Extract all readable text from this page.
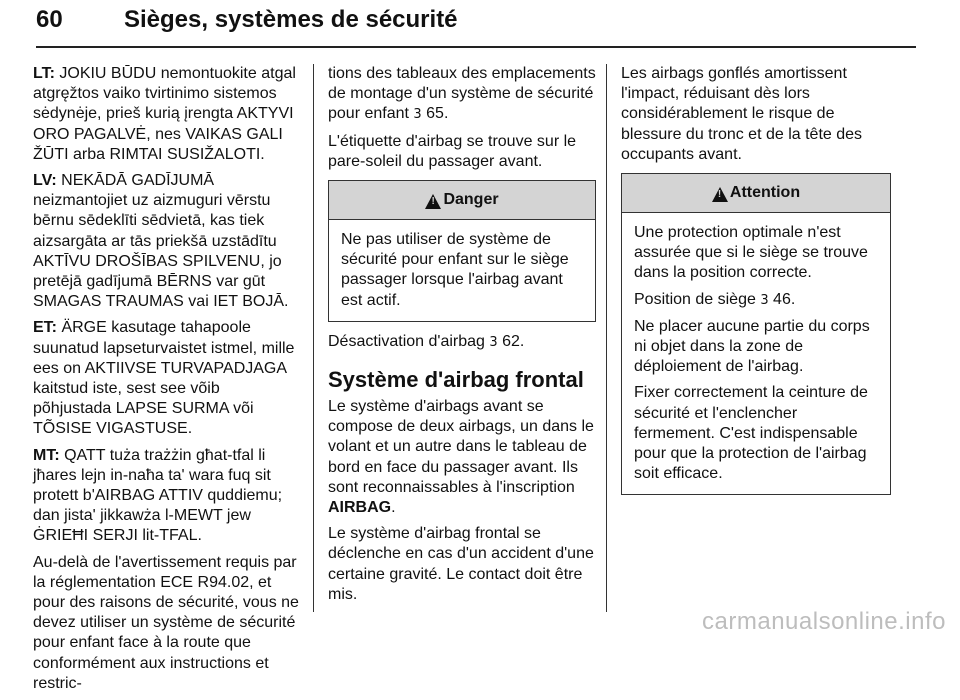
60	Sièges, systèmes de sécurité

LT: JOKIU BŪDU nemontuokite atgal atgręžtos vaiko tvirtinimo sistemos sėdynėje, prieš kurią įrengta AKTYVI ORO PAGALVĖ, nes VAIKAS GALI ŽŪTI arba RIMTAI SUSIŽALOTI.

LV: NEKĀDĀ GADĪJUMĀ neizmantojiet uz aizmuguri vērstu bērnu sēdeklīti sēdvietā, kas tiek aizsargāta ar tās priekšā uzstādītu AKTĪVU DROŠĪBAS SPILVENU, jo pretējā gadījumā BĒRNS var gūt SMAGAS TRAUMAS vai IET BOJĀ.

ET: ÄRGE kasutage tahapoole suunatud lapseturvaistet istmel, mille ees on AKTIIVSE TURVAPADJAGA kaitstud iste, sest see võib põhjustada LAPSE SURMA või TÕSISE VIGASTUSE.

MT: QATT tuża trażżin għat-tfal li jħares lejn in-naħa ta' wara fuq sit protett b'AIRBAG ATTIV quddiemu; dan jista' jikkawża l-MEWT jew ĠRIEĦI SERJI lit-TFAL.

Au-delà de l'avertissement requis par la réglementation ECE R94.02, et pour des raisons de sécurité, vous ne devez utiliser un système de sécurité pour enfant face à la route que conformément aux instructions et restric-

tions des tableaux des emplacements de montage d'un système de sécurité pour enfant 3 65.

L'étiquette d'airbag se trouve sur le pare-soleil du passager avant.

!
Danger

Ne pas utiliser de système de sécurité pour enfant sur le siège passager lorsque l'airbag avant est actif.

Désactivation d'airbag 3 62.

Système d'airbag frontal

Le système d'airbags avant se compose de deux airbags, un dans le volant et un autre dans le tableau de bord en face du passager avant. Ils sont reconnaissables à l'inscription AIRBAG.

Le système d'airbag frontal se déclenche en cas d'un accident d'une certaine gravité. Le contact doit être mis.

Les airbags gonflés amortissent l'impact, réduisant dès lors considérablement le risque de blessure du tronc et de la tête des occupants avant.

!
Attention

Une protection optimale n'est assurée que si le siège se trouve dans la position correcte.

Position de siège 3 46.

Ne placer aucune partie du corps ni objet dans la zone de déploiement de l'airbag.

Fixer correctement la ceinture de sécurité et l'enclencher fermement. C'est indispensable pour que la protection de l'airbag soit efficace.

carmanualsonline.info
